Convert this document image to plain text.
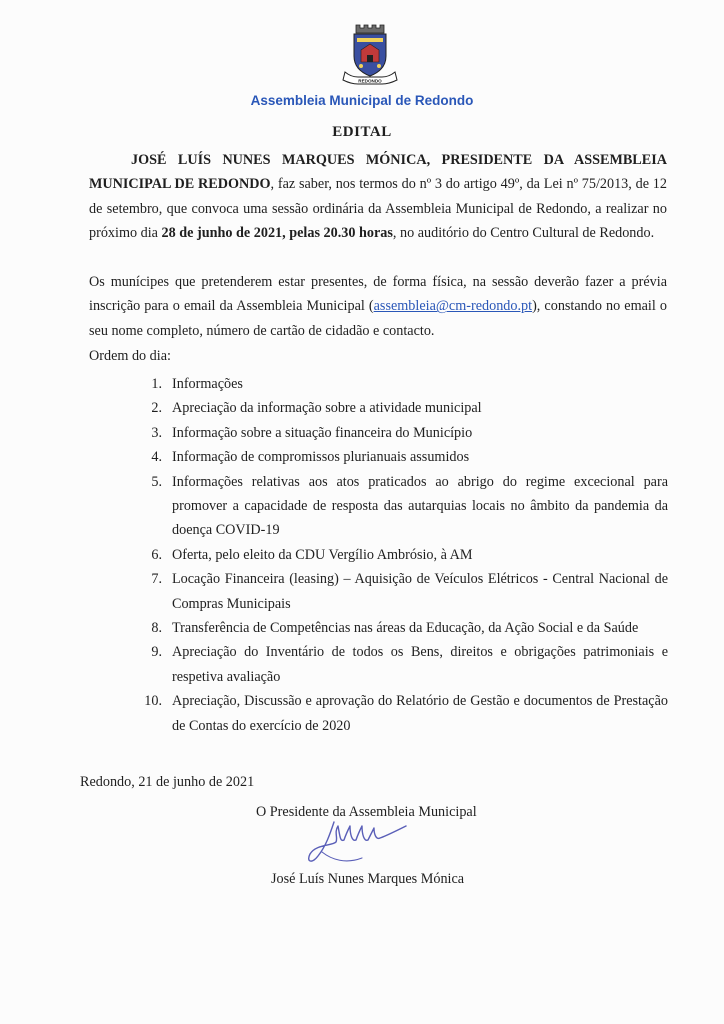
REDONDO
Assembleia Municipal de Redondo
EDITAL
JOSÉ LUÍS NUNES MARQUES MÓNICA, PRESIDENTE DA ASSEMBLEIA MUNICIPAL DE REDONDO, faz saber, nos termos do nº 3 do artigo 49º, da Lei nº 75/2013, de 12 de setembro, que convoca uma sessão ordinária da Assembleia Municipal de Redondo, a realizar no próximo dia 28 de junho de 2021, pelas 20.30 horas, no auditório do Centro Cultural de Redondo.
Os munícipes que pretenderem estar presentes, de forma física, na sessão deverão fazer a prévia inscrição para o email da Assembleia Municipal (assembleia@cm-redondo.pt), constando no email o seu nome completo, número de cartão de cidadão e contacto.
Ordem do dia:
1. Informações
2. Apreciação da informação sobre a atividade municipal
3. Informação sobre a situação financeira do Município
4. Informação de compromissos plurianuais assumidos
5. Informações relativas aos atos praticados ao abrigo do regime excecional para promover a capacidade de resposta das autarquias locais no âmbito da pandemia da doença COVID-19
6. Oferta, pelo eleito da CDU Vergílio Ambrósio, à AM
7. Locação Financeira (leasing) – Aquisição de Veículos Elétricos - Central Nacional de Compras Municipais
8. Transferência de Competências nas áreas da Educação, da Ação Social e da Saúde
9. Apreciação do Inventário de todos os Bens, direitos e obrigações patrimoniais e respetiva avaliação
10. Apreciação, Discussão e aprovação do Relatório de Gestão e documentos de Prestação de Contas do exercício de 2020
Redondo, 21 de junho de 2021
O Presidente da Assembleia Municipal
José Luís Nunes Marques Mónica
